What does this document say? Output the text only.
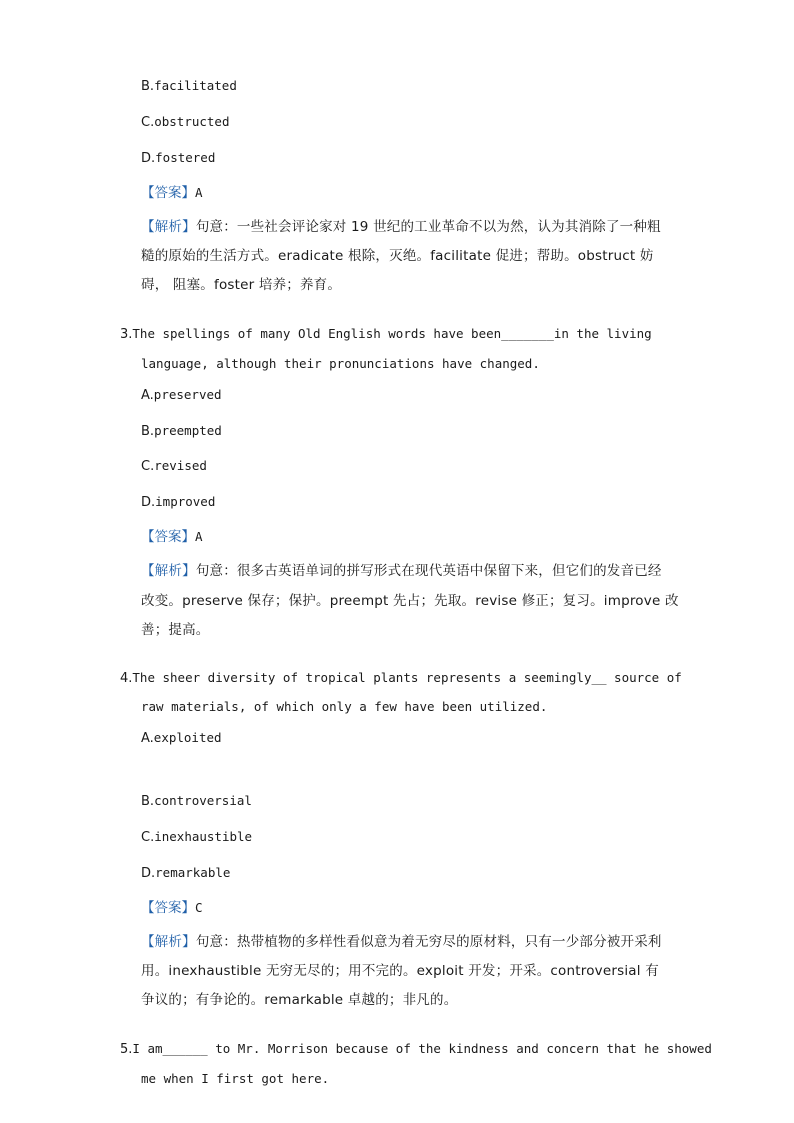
B.facilitated
C.obstructed
D.fostered
【答案】A
【解析】句意：一些社会评论家对 19 世纪的工业革命不以为然，认为其消除了一种粗
糙的原始的生活方式。eradicate 根除，灭绝。facilitate 促进；帮助。obstruct 妨
碍， 阻塞。foster 培养；养育。
3.The spellings of many Old English words have been_______in the living
language, although their pronunciations have changed.
A.preserved
B.preempted
C.revised
D.improved
【答案】A
【解析】句意：很多古英语单词的拼写形式在现代英语中保留下来，但它们的发音已经
改变。preserve 保存；保护。preempt 先占；先取。revise 修正；复习。improve 改
善；提高。
4.The sheer diversity of tropical plants represents a seemingly__ source of
raw materials, of which only a few have been utilized.
A.exploited
B.controversial
C.inexhaustible
D.remarkable
【答案】C
【解析】句意：热带植物的多样性看似意为着无穷尽的原材料，只有一少部分被开采利
用。inexhaustible 无穷无尽的；用不完的。exploit 开发；开采。controversial 有
争议的；有争论的。remarkable 卓越的；非凡的。
5.I am______ to Mr. Morrison because of the kindness and concern that he showed
me when I first got here.
